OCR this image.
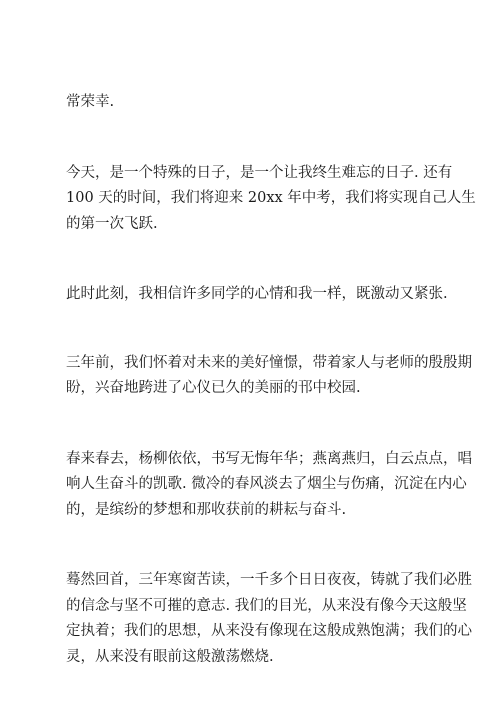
常荣幸.

今天，是一个特殊的日子，是一个让我终生难忘的日子. 还有
100 天的时间，我们将迎来 20xx 年中考，我们将实现自己人生
的第一次飞跃.

此时此刻，我相信许多同学的心情和我一样，既激动又紧张.

三年前，我们怀着对未来的美好憧憬，带着家人与老师的殷殷期
盼，兴奋地跨进了心仪已久的美丽的邗中校园.

春来春去，杨柳依依，书写无悔年华；燕离燕归，白云点点，唱
响人生奋斗的凯歌. 微冷的春风淡去了烟尘与伤痛，沉淀在内心
的，是缤纷的梦想和那收获前的耕耘与奋斗.

蓦然回首，三年寒窗苦读，一千多个日日夜夜，铸就了我们必胜
的信念与坚不可摧的意志. 我们的目光，从来没有像今天这般坚
定执着；我们的思想，从来没有像现在这般成熟饱满；我们的心
灵，从来没有眼前这般激荡燃烧.
